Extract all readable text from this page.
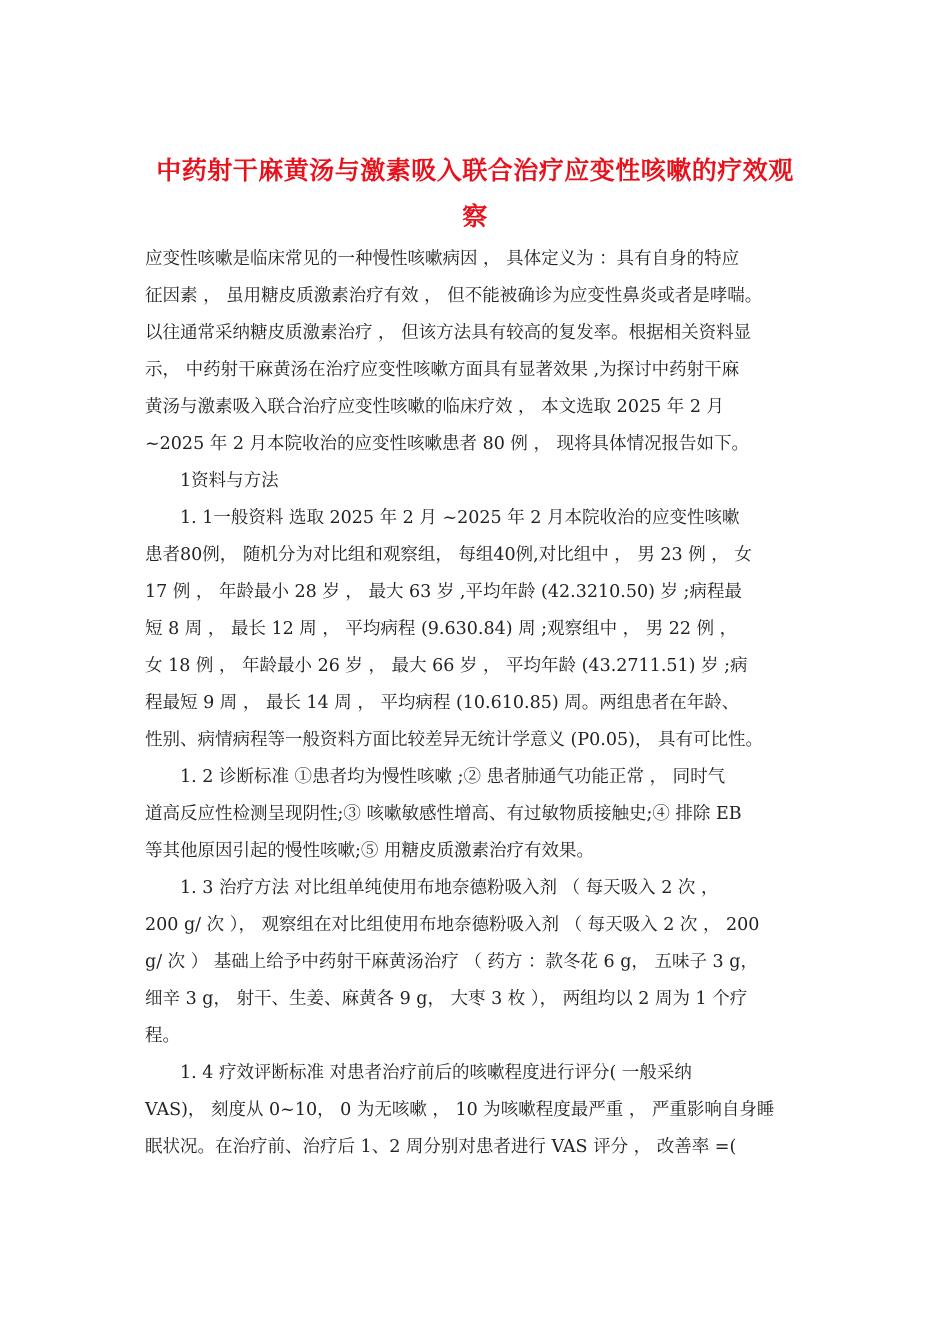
中药射干麻黄汤与激素吸入联合治疗应变性咳嗽的疗效观察
应变性咳嗽是临床常见的一种慢性咳嗽病因 ， 具体定义为 ：具有自身的特应
征因素 ， 虽用糖皮质激素治疗有效 ， 但不能被确诊为应变性鼻炎或者是哮喘。
以往通常采纳糖皮质激素治疗 ， 但该方法具有较高的复发率。根据相关资料显
示， 中药射干麻黄汤在治疗应变性咳嗽方面具有显著效果 ,为探讨中药射干麻
黄汤与激素吸入联合治疗应变性咳嗽的临床疗效 ， 本文选取 2025 年 2 月
~2025 年 2 月本院收治的应变性咳嗽患者 80 例 ， 现将具体情况报告如下。
1资料与方法
1. 1一般资料 选取 2025 年 2 月 ~2025 年 2 月本院收治的应变性咳嗽
患者80例， 随机分为对比组和观察组， 每组40例,对比组中 ， 男 23 例 ， 女
17 例 ， 年龄最小 28 岁 ， 最大 63 岁 ,平均年龄 (42.3210.50) 岁 ;病程最
短 8 周 ， 最长 12 周 ， 平均病程 (9.630.84) 周 ;观察组中 ， 男 22 例 ，
女 18 例 ， 年龄最小 26 岁 ， 最大 66 岁 ， 平均年龄 (43.2711.51) 岁 ;病
程最短 9 周 ， 最长 14 周 ， 平均病程 (10.610.85) 周。两组患者在年龄、
性别、病情病程等一般资料方面比较差异无统计学意义 (P0.05)， 具有可比性。
1. 2 诊断标准 ①患者均为慢性咳嗽 ;② 患者肺通气功能正常 ， 同时气
道高反应性检测呈现阴性;③ 咳嗽敏感性增高、有过敏物质接触史;④ 排除 EB
等其他原因引起的慢性咳嗽;⑤ 用糖皮质激素治疗有效果。
1. 3 治疗方法 对比组单纯使用布地奈德粉吸入剂 （ 每天吸入 2 次 ，
200 g/ 次 ）， 观察组在对比组使用布地奈德粉吸入剂 （ 每天吸入 2 次 ， 200
g/ 次 ） 基础上给予中药射干麻黄汤治疗 （ 药方 ：款冬花 6 g， 五味子 3 g，
细辛 3 g， 射干、生姜、麻黄各 9 g， 大枣 3 枚 ）， 两组均以 2 周为 1 个疗
程。
1. 4 疗效评断标准 对患者治疗前后的咳嗽程度进行评分( 一般采纳
VAS)， 刻度从 0~10， 0 为无咳嗽 ， 10 为咳嗽程度最严重 ， 严重影响自身睡
眠状况。在治疗前、治疗后 1、2 周分别对患者进行 VAS 评分 ， 改善率 =(
